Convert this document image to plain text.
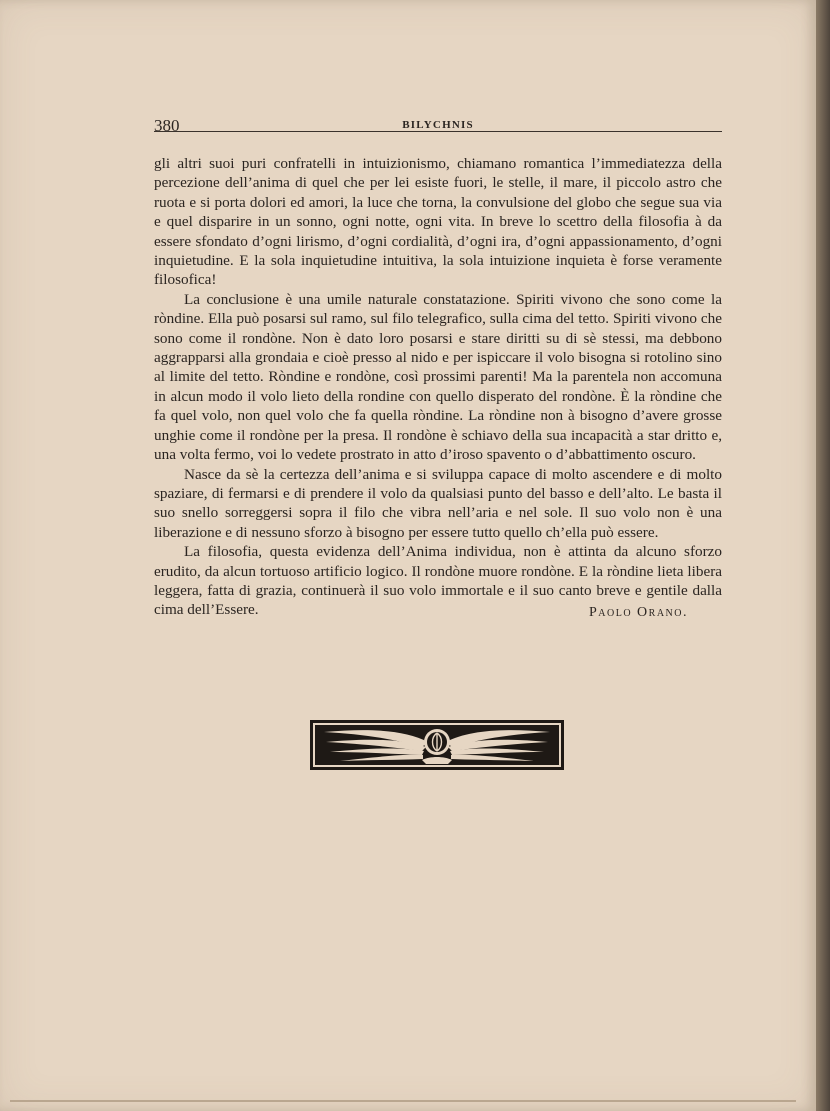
380	BILYCHNIS

gli altri suoi puri confratelli in intuizionismo, chiamano romantica l’immediatezza della percezione dell’anima di quel che per lei esiste fuori, le stelle, il mare, il piccolo astro che ruota e si porta dolori ed amori, la luce che torna, la convulsione del globo che segue sua via e quel disparire in un sonno, ogni notte, ogni vita. In breve lo scettro della filosofia à da essere sfondato d’ogni lirismo, d’ogni cordialità, d’ogni ira, d’ogni appassionamento, d’ogni inquietudine. E la sola inquietudine intuitiva, la sola intuizione inquieta è forse veramente filosofica!

La conclusione è una umile naturale constatazione. Spiriti vivono che sono come la ròndine. Ella può posarsi sul ramo, sul filo telegrafico, sulla cima del tetto. Spiriti vivono che sono come il rondòne. Non è dato loro posarsi e stare diritti su di sè stessi, ma debbono aggrapparsi alla grondaia e cioè presso al nido e per ispiccare il volo bisogna si rotolino sino al limite del tetto. Ròndine e rondòne, così prossimi parenti! Ma la parentela non accomuna in alcun modo il volo lieto della rondine con quello disperato del rondòne. È la ròndine che fa quel volo, non quel volo che fa quella ròndine. La ròndine non à bisogno d’avere grosse unghie come il rondòne per la presa. Il rondòne è schiavo della sua incapacità a star dritto e, una volta fermo, voi lo vedete prostrato in atto d’iroso spavento o d’abbattimento oscuro.

Nasce da sè la certezza dell’anima e si sviluppa capace di molto ascendere e di molto spaziare, di fermarsi e di prendere il volo da qualsiasi punto del basso e dell’alto. Le basta il suo snello sorreggersi sopra il filo che vibra nell’aria e nel sole. Il suo volo non è una liberazione e di nessuno sforzo à bisogno per essere tutto quello ch’ella può essere.

La filosofia, questa evidenza dell’Anima individua, non è attinta da alcuno sforzo erudito, da alcun tortuoso artificio logico. Il rondòne muore rondòne. E la ròndine lieta libera leggera, fatta di grazia, continuerà il suo volo immortale e il suo canto breve e gentile dalla cima dell’Essere.	Paolo Orano.
